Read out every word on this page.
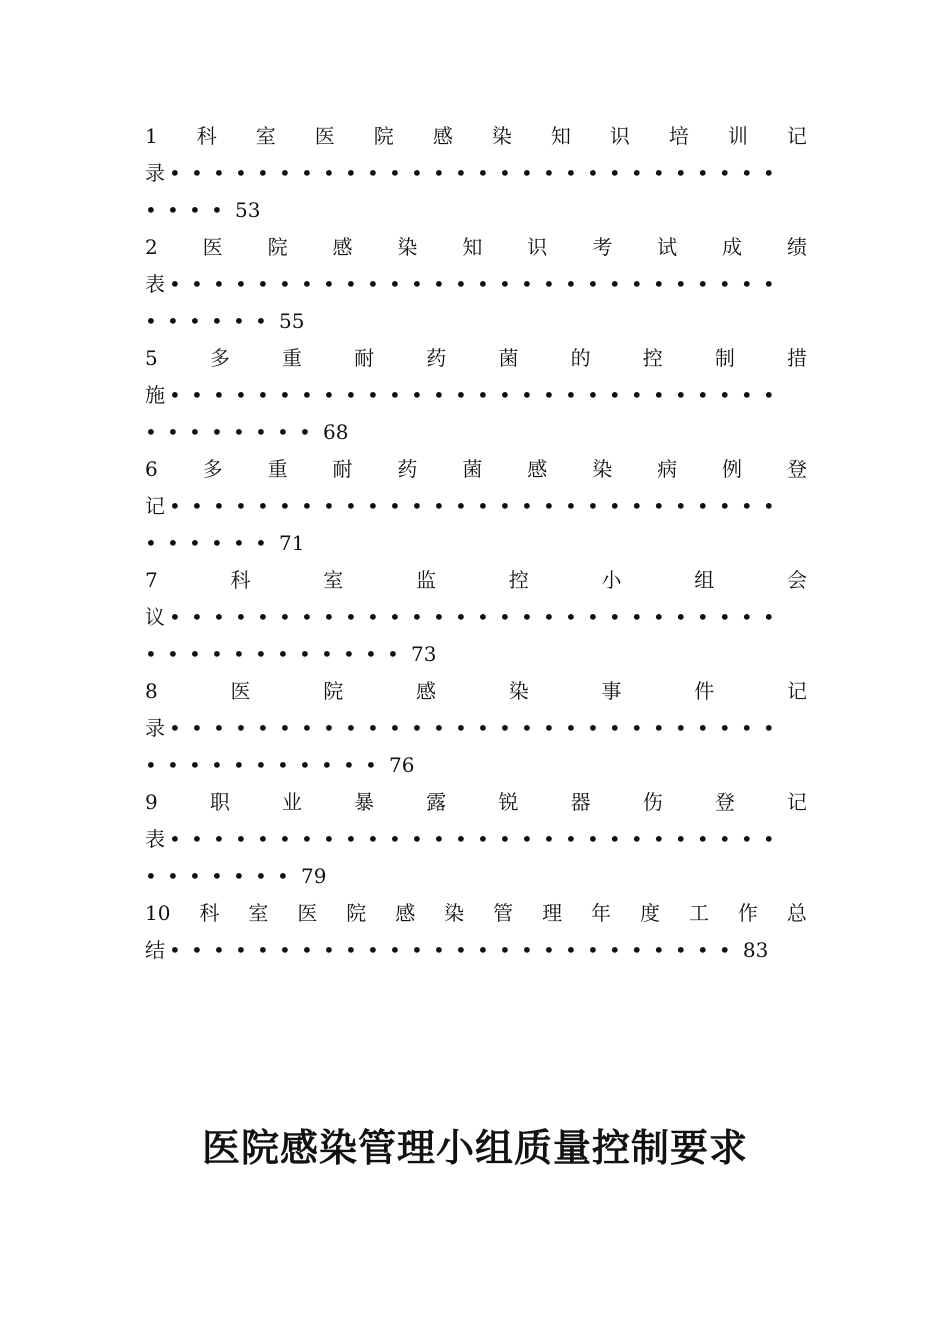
1 科 室 医 院 感 染 知 识 培 训 记
录 ••••••••••••••••••••••••••••
•••• 53
2 医 院 感 染 知 识 考 试 成 绩
表 ••••••••••••••••••••••••••••
•••••• 55
5	多	重	耐	药	菌	的	控	制	措
施 ••••••••••••••••••••••••••••
•••••••• 68
6 多 重 耐 药 菌 感 染 病 例 登
记 ••••••••••••••••••••••••••••
•••••• 71
7	科	室	监	控	小	组	会
议 ••••••••••••••••••••••••••••
•••••••••••• 73
8	医	院	感	染	事	件	记
录 ••••••••••••••••••••••••••••
••••••••••• 76
9	职	业	暴	露	锐	器	伤	登	记
表 ••••••••••••••••••••••••••••
••••••• 79
10 科 室 医 院 感 染 管 理 年 度 工 作 总
结 •••••••••••••••••••••••••• 83
医院感染管理小组质量控制要求
